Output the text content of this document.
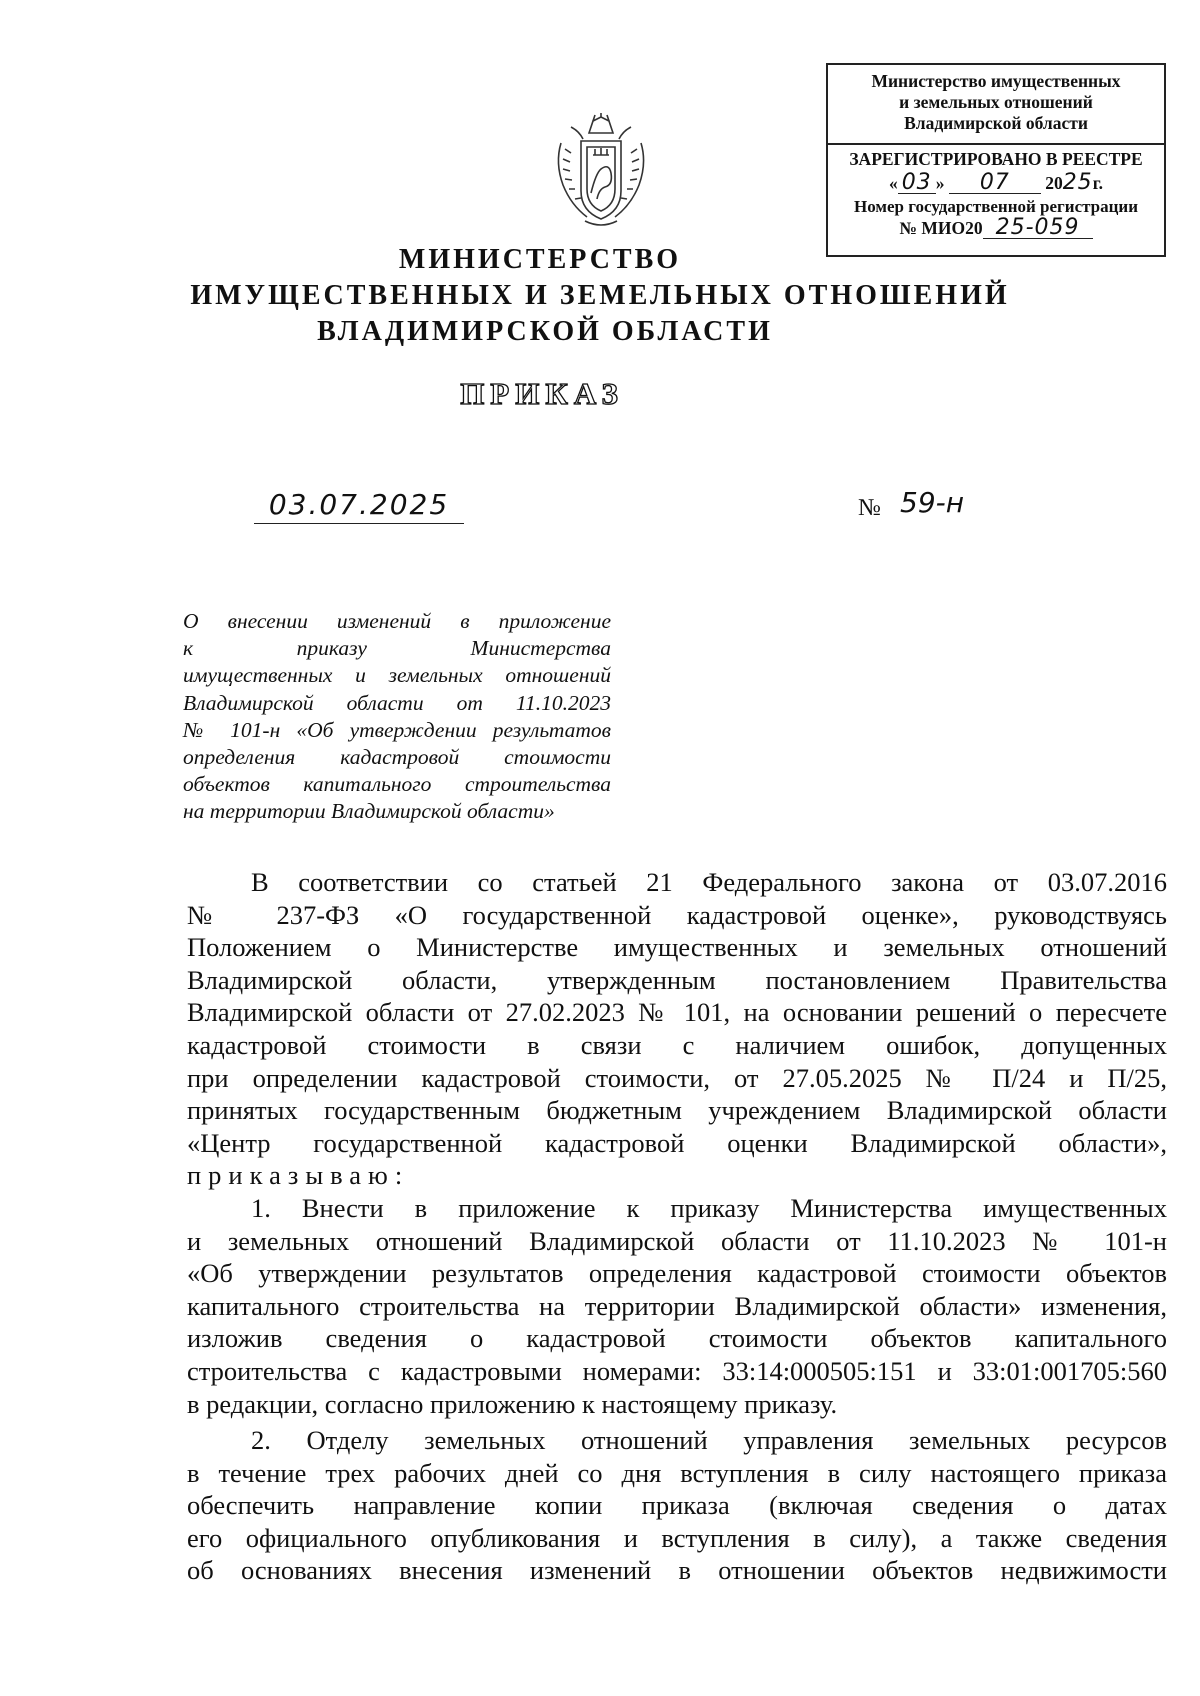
Министерство имущественных
и земельных отношений
Владимирской области
ЗАРЕГИСТРИРОВАНО В РЕЕСТРЕ
« 03 » 07 2025г.
Номер государственной регистрации
№ МИО20 25-059
МИНИСТЕРСТВО
ИМУЩЕСТВЕННЫХ И ЗЕМЕЛЬНЫХ ОТНОШЕНИЙ
ВЛАДИМИРСКОЙ ОБЛАСТИ
ПРИКАЗ
03.07.2025	№ 59-н
О внесении изменений в приложение
к приказу Министерства
имущественных и земельных отношений
Владимирской области от 11.10.2023
№ 101-н «Об утверждении результатов
определения кадастровой стоимости
объектов капитального строительства
на территории Владимирской области»
В соответствии со статьей 21 Федерального закона от 03.07.2016
№ 237-ФЗ «О государственной кадастровой оценке», руководствуясь
Положением о Министерстве имущественных и земельных отношений
Владимирской области, утвержденным постановлением Правительства
Владимирской области от 27.02.2023 № 101, на основании решений о пересчете
кадастровой стоимости в связи с наличием ошибок, допущенных
при определении кадастровой стоимости, от 27.05.2025 № П/24 и П/25,
принятых государственным бюджетным учреждением Владимирской области
«Центр государственной кадастровой оценки Владимирской области»,
приказываю:
1. Внести в приложение к приказу Министерства имущественных
и земельных отношений Владимирской области от 11.10.2023 № 101-н
«Об утверждении результатов определения кадастровой стоимости объектов
капитального строительства на территории Владимирской области» изменения,
изложив сведения о кадастровой стоимости объектов капитального
строительства с кадастровыми номерами: 33:14:000505:151 и 33:01:001705:560
в редакции, согласно приложению к настоящему приказу.
2. Отделу земельных отношений управления земельных ресурсов
в течение трех рабочих дней со дня вступления в силу настоящего приказа
обеспечить направление копии приказа (включая сведения о датах
его официального опубликования и вступления в силу), а также сведения
об основаниях внесения изменений в отношении объектов недвижимости
